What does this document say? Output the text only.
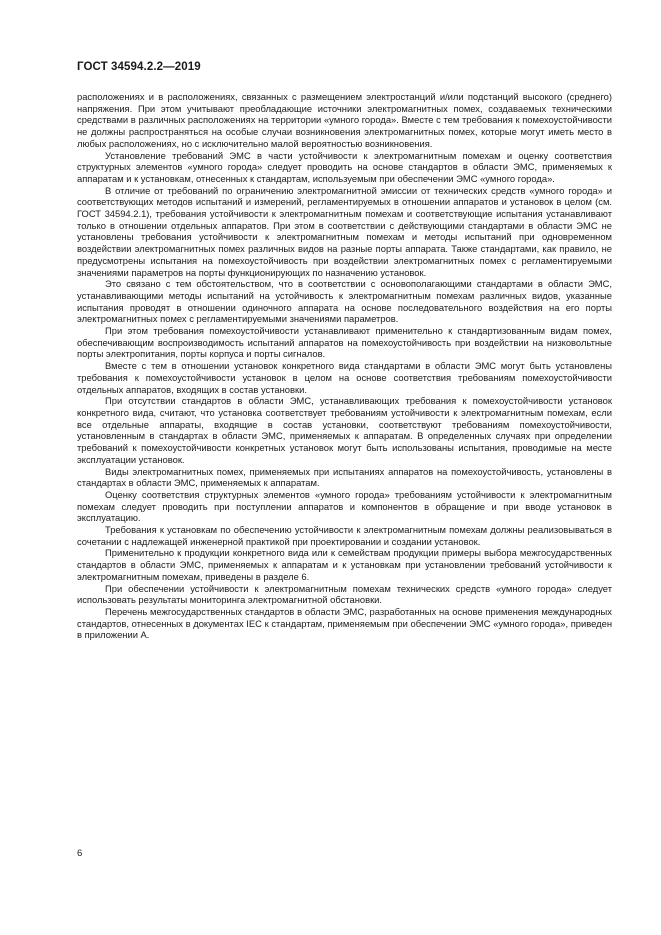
ГОСТ 34594.2.2—2019

расположениях и в расположениях, связанных с размещением электростанций и/или подстанций высокого (среднего) напряжения. При этом учитывают преобладающие источники электромагнитных помех, создаваемых техническими средствами в различных расположениях на территории «умного города». Вместе с тем требования к помехоустойчивости не должны распространяться на особые случаи возникновения электромагнитных помех, которые могут иметь место в любых расположениях, но с исключительно малой вероятностью возникновения.

Установление требований ЭМС в части устойчивости к электромагнитным помехам и оценку соответствия структурных элементов «умного города» следует проводить на основе стандартов в области ЭМС, применяемых к аппаратам и к установкам, отнесенных к стандартам, используемым при обеспечении ЭМС «умного города».

В отличие от требований по ограничению электромагнитной эмиссии от технических средств «умного города» и соответствующих методов испытаний и измерений, регламентируемых в отношении аппаратов и установок в целом (см. ГОСТ 34594.2.1), требования устойчивости к электромагнитным помехам и соответствующие испытания устанавливают только в отношении отдельных аппаратов. При этом в соответствии с действующими стандартами в области ЭМС не установлены требования устойчивости к электромагнитным помехам и методы испытаний при одновременном воздействии электромагнитных помех различных видов на разные порты аппарата. Также стандартами, как правило, не предусмотрены испытания на помехоустойчивость при воздействии электромагнитных помех с регламентируемыми значениями параметров на порты функционирующих по назначению установок.

Это связано с тем обстоятельством, что в соответствии с основополагающими стандартами в области ЭМС, устанавливающими методы испытаний на устойчивость к электромагнитным помехам различных видов, указанные испытания проводят в отношении одиночного аппарата на основе последовательного воздействия на его порты электромагнитных помех с регламентируемыми значениями параметров.

При этом требования помехоустойчивости устанавливают применительно к стандартизованным видам помех, обеспечивающим воспроизводимость испытаний аппаратов на помехоустойчивость при воздействии на низковольтные порты электропитания, порты корпуса и порты сигналов.

Вместе с тем в отношении установок конкретного вида стандартами в области ЭМС могут быть установлены требования к помехоустойчивости установок в целом на основе соответствия требованиям помехоустойчивости отдельных аппаратов, входящих в состав установки.

При отсутствии стандартов в области ЭМС, устанавливающих требования к помехоустойчивости установок конкретного вида, считают, что установка соответствует требованиям устойчивости к электромагнитным помехам, если все отдельные аппараты, входящие в состав установки, соответствуют требованиям помехоустойчивости, установленным в стандартах в области ЭМС, применяемых к аппаратам. В определенных случаях при определении требований к помехоустойчивости конкретных установок могут быть использованы испытания, проводимые на месте эксплуатации установок.

Виды электромагнитных помех, применяемых при испытаниях аппаратов на помехоустойчивость, установлены в стандартах в области ЭМС, применяемых к аппаратам.

Оценку соответствия структурных элементов «умного города» требованиям устойчивости к электромагнитным помехам следует проводить при поступлении аппаратов и компонентов в обращение и при вводе установок в эксплуатацию.

Требования к установкам по обеспечению устойчивости к электромагнитным помехам должны реализовываться в сочетании с надлежащей инженерной практикой при проектировании и создании установок.

Применительно к продукции конкретного вида или к семействам продукции примеры выбора межгосударственных стандартов в области ЭМС, применяемых к аппаратам и к установкам при установлении требований устойчивости к электромагнитным помехам, приведены в разделе 6.

При обеспечении устойчивости к электромагнитным помехам технических средств «умного города» следует использовать результаты мониторинга электромагнитной обстановки.

Перечень межгосударственных стандартов в области ЭМС, разработанных на основе применения международных стандартов, отнесенных в документах IEC к стандартам, применяемым при обеспечении ЭМС «умного города», приведен в приложении А.

6
